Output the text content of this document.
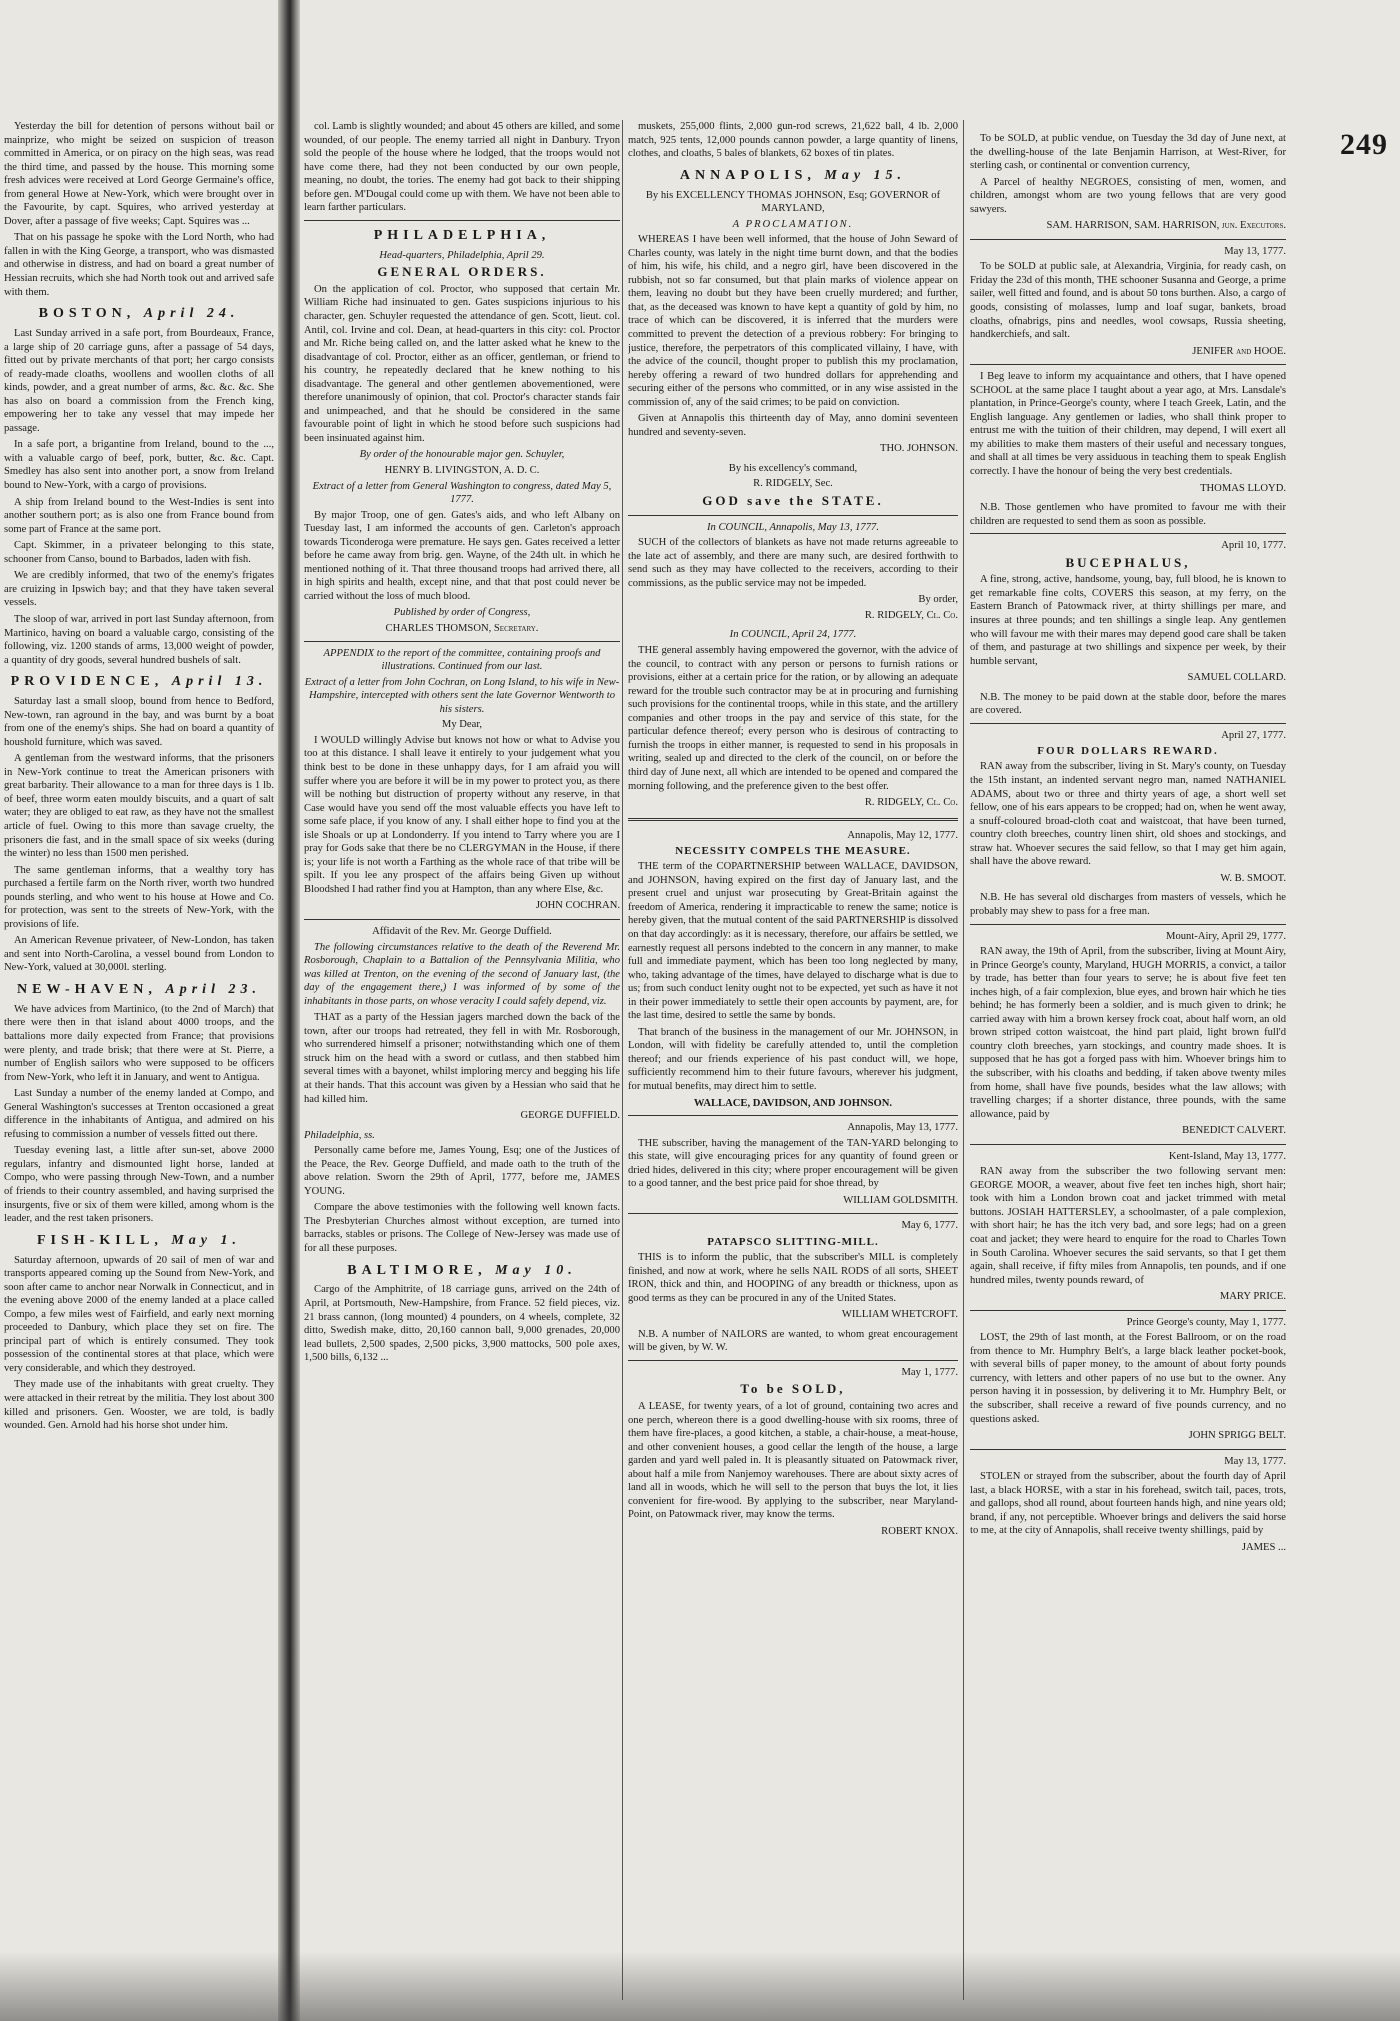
249

Yesterday the bill for detention of persons without bail or mainprize, who might be seized on suspicion of treason committed in America, or on piracy on the high seas, was read the third time, and passed by the house. This morning some fresh advices were received at Lord George Germaine's office, from general Howe at New-York, which were brought over in the Favourite, by capt. Squires, who arrived yesterday at Dover, after a passage of five weeks; Capt. Squires was ...

That on his passage he spoke with the Lord North, who had fallen in with the King George, a transport, who was dismasted and otherwise in distress, and had on board a great number of Hessian recruits, which she had North took out and arrived safe with them.

BOSTON, April 24.

Last Sunday arrived in a safe port, from Bourdeaux, France, a large ship of 20 carriage guns, after a passage of 54 days, fitted out by private merchants of that port; her cargo consists of ready-made cloaths, woollens and woollen cloths of all kinds, powder, and a great number of arms, &c. &c. &c. She has also on board a commission from the French king, empowering her to take any vessel that may impede her passage.

In a safe port, a brigantine from Ireland, bound to the ..., with a valuable cargo of beef, pork, butter, &c. &c. Capt. Smedley has also sent into another port, a snow from Ireland bound to New-York, with a cargo of provisions.

A ship from Ireland bound to the West-Indies is sent into another southern port; as is also one from France bound from some part of France at the same port.

Capt. Skimmer, in a privateer belonging to this state, schooner from Canso, bound to Barbados, laden with fish.

We are credibly informed, that two of the enemy's frigates are cruizing in Ipswich bay; and that they have taken several vessels.

The sloop of war, arrived in port last Sunday afternoon, from Martinico, having on board a valuable cargo, consisting of the following, viz. 1200 stands of arms, 13,000 weight of powder, a quantity of dry goods, several hundred bushels of salt.

PROVIDENCE, April 13.

Saturday last a small sloop, bound from hence to Bedford, New-town, ran aground in the bay, and was burnt by a boat from one of the enemy's ships. She had on board a quantity of houshold furniture, which was saved.

A gentleman from the westward informs, that the prisoners in New-York continue to treat the American prisoners with great barbarity. Their allowance to a man for three days is 1 lb. of beef, three worm eaten mouldy biscuits, and a quart of salt water; they are obliged to eat raw, as they have not the smallest article of fuel. Owing to this more than savage cruelty, the prisoners die fast, and in the small space of six weeks (during the winter) no less than 1500 men perished.

The same gentleman informs, that a wealthy tory has purchased a fertile farm on the North river, worth two hundred pounds sterling, and who went to his house at Howe and Co. for protection, was sent to the streets of New-York, with the provisions of life.

An American Revenue privateer, of New-London, has taken and sent into North-Carolina, a vessel bound from London to New-York, valued at 30,000l. sterling.

NEW-HAVEN, April 23.

We have advices from Martinico, (to the 2nd of March) that there were then in that island about 4000 troops, and the battalions more daily expected from France; that provisions were plenty, and trade brisk; that there were at St. Pierre, a number of English sailors who were supposed to be officers from New-York, who left it in January, and went to Antigua.

Last Sunday a number of the enemy landed at Compo, and General Washington's successes at Trenton occasioned a great difference in the inhabitants of Antigua, and admired on his refusing to commission a number of vessels fitted out there.

Tuesday evening last, a little after sun-set, above 2000 regulars, infantry and dismounted light horse, landed at Compo, who were passing through New-Town, and a number of friends to their country assembled, and having surprised the insurgents, five or six of them were killed, among whom is the leader, and the rest taken prisoners.

FISH-KILL, May 1.

Saturday afternoon, upwards of 20 sail of men of war and transports appeared coming up the Sound from New-York, and soon after came to anchor near Norwalk in Connecticut, and in the evening above 2000 of the enemy landed at a place called Compo, a few miles west of Fairfield, and early next morning proceeded to Danbury, which place they set on fire. The principal part of which is entirely consumed. They took possession of the continental stores at that place, which were very considerable, and which they destroyed.

They made use of the inhabitants with great cruelty. They were attacked in their retreat by the militia. They lost about 300 killed and prisoners. Gen. Wooster, we are told, is badly wounded. Gen. Arnold had his horse shot under him.

col. Lamb is slightly wounded; and about 45 others are killed, and some wounded, of our people. The enemy tarried all night in Danbury. Tryon sold the people of the house where he lodged, that the troops would not have come there, had they not been conducted by our own people, meaning, no doubt, the tories. The enemy had got back to their shipping before gen. M'Dougal could come up with them. We have not been able to learn farther particulars.

PHILADELPHIA,
Head-quarters, Philadelphia, April 29.
GENERAL ORDERS.

On the application of col. Proctor, who supposed that certain Mr. William Riche had insinuated to gen. Gates suspicions injurious to his character, gen. Schuyler requested the attendance of gen. Scott, lieut. col. Antil, col. Irvine and col. Dean, at head-quarters in this city: col. Proctor and Mr. Riche being called on, and the latter asked what he knew to the disadvantage of col. Proctor, either as an officer, gentleman, or friend to his country, he repeatedly declared that he knew nothing to his disadvantage. The general and other gentlemen abovementioned, were therefore unanimously of opinion, that col. Proctor's character stands fair and unimpeached, and that he should be considered in the same favourable point of light in which he stood before such suspicions had been insinuated against him.

By order of the honourable major gen. Schuyler,
HENRY B. LIVINGSTON, A. D. C.
Extract of a letter from General Washington to congress, dated May 5, 1777.

By major Troop, one of gen. Gates's aids, and who left Albany on Tuesday last, I am informed the accounts of gen. Carleton's approach towards Ticonderoga were premature. He says gen. Gates received a letter before he came away from brig. gen. Wayne, of the 24th ult. in which he mentioned nothing of it. That three thousand troops had arrived there, all in high spirits and health, except nine, and that that post could never be carried without the loss of much blood.

Published by order of Congress,
CHARLES THOMSON, Secretary.
APPENDIX to the report of the committee, containing proofs and illustrations. Continued from our last.
Extract of a letter from John Cochran, on Long Island, to his wife in New-Hampshire, intercepted with others sent the late Governor Wentworth to his sisters.
My Dear,

I WOULD willingly Advise but knows not how or what to Advise you too at this distance. I shall leave it entirely to your judgement what you think best to be done in these unhappy days, for I am afraid you will suffer where you are before it will be in my power to protect you, as there will be nothing but distruction of property without any reserve, in that Case would have you send off the most valuable effects you have left to some safe place, if you know of any. I shall either hope to find you at the isle Shoals or up at Londonderry. If you intend to Tarry where you are I pray for Gods sake that there be no CLERGYMAN in the House, if there is; your life is not worth a Farthing as the whole race of that tribe will be spilt. If you lee any prospect of the affairs being Given up without Bloodshed I had rather find you at Hampton, than any where Else, &c.

JOHN COCHRAN.
Affidavit of the Rev. Mr. George Duffield.

The following circumstances relative to the death of the Reverend Mr. Rosborough, Chaplain to a Battalion of the Pennsylvania Militia, who was killed at Trenton, on the evening of the second of January last, (the day of the engagement there,) I was informed of by some of the inhabitants in those parts, on whose veracity I could safely depend, viz.

THAT as a party of the Hessian jagers marched down the back of the town, after our troops had retreated, they fell in with Mr. Rosborough, who surrendered himself a prisoner; notwithstanding which one of them struck him on the head with a sword or cutlass, and then stabbed him several times with a bayonet, whilst imploring mercy and begging his life at their hands. That this account was given by a Hessian who said that he had killed him.

GEORGE DUFFIELD.
Philadelphia, ss.

Personally came before me, James Young, Esq; one of the Justices of the Peace, the Rev. George Duffield, and made oath to the truth of the above relation. Sworn the 29th of April, 1777, before me, JAMES YOUNG.

Compare the above testimonies with the following well known facts. The Presbyterian Churches almost without exception, are turned into barracks, stables or prisons. The College of New-Jersey was made use of for all these purposes.

BALTIMORE, May 10.

Cargo of the Amphitrite, of 18 carriage guns, arrived on the 24th of April, at Portsmouth, New-Hampshire, from France. 52 field pieces, viz. 21 brass cannon, (long mounted) 4 pounders, on 4 wheels, complete, 32 ditto, Swedish make, ditto, 20,160 cannon ball, 9,000 grenades, 20,000 lead bullets, 2,500 spades, 2,500 picks, 3,900 mattocks, 500 pole axes, 1,500 bills, 6,132 ...

muskets, 255,000 flints, 2,000 gun-rod screws, 21,622 ball, 4 lb. 2,000 match, 925 tents, 12,000 pounds cannon powder, a large quantity of linens, clothes, and cloaths, 5 bales of blankets, 62 boxes of tin plates.

ANNAPOLIS, May 15.
By his EXCELLENCY THOMAS JOHNSON, Esq; GOVERNOR of MARYLAND,
A PROCLAMATION.

WHEREAS I have been well informed, that the house of John Seward of Charles county, was lately in the night time burnt down, and that the bodies of him, his wife, his child, and a negro girl, have been discovered in the rubbish, not so far consumed, but that plain marks of violence appear on them, leaving no doubt but they have been cruelly murdered; and further, that, as the deceased was known to have kept a quantity of gold by him, no trace of which can be discovered, it is inferred that the murders were committed to prevent the detection of a previous robbery: For bringing to justice, therefore, the perpetrators of this complicated villainy, I have, with the advice of the council, thought proper to publish this my proclamation, hereby offering a reward of two hundred dollars for apprehending and securing either of the persons who committed, or in any wise assisted in the commission of, any of the said crimes; to be paid on conviction.

Given at Annapolis this thirteenth day of May, anno domini seventeen hundred and seventy-seven.

THO. JOHNSON.
By his excellency's command,
R. RIDGELY, Sec.
GOD save the STATE.
In COUNCIL, Annapolis, May 13, 1777.

SUCH of the collectors of blankets as have not made returns agreeable to the late act of assembly, and there are many such, are desired forthwith to send such as they may have collected to the receivers, according to their commissions, as the public service may not be impeded.

By order,
R. RIDGELY, Cl. Co.
In COUNCIL, April 24, 1777.

THE general assembly having empowered the governor, with the advice of the council, to contract with any person or persons to furnish rations or provisions, either at a certain price for the ration, or by allowing an adequate reward for the trouble such contractor may be at in procuring and furnishing such provisions for the continental troops, while in this state, and the artillery companies and other troops in the pay and service of this state, for the particular defence thereof; every person who is desirous of contracting to furnish the troops in either manner, is requested to send in his proposals in writing, sealed up and directed to the clerk of the council, on or before the third day of June next, all which are intended to be opened and compared the morning following, and the preference given to the best offer.

R. RIDGELY, Cl. Co.
Annapolis, May 12, 1777.
NECESSITY COMPELS THE MEASURE.

THE term of the COPARTNERSHIP between WALLACE, DAVIDSON, and JOHNSON, having expired on the first day of January last, and the present cruel and unjust war prosecuting by Great-Britain against the freedom of America, rendering it impracticable to renew the same; notice is hereby given, that the mutual content of the said PARTNERSHIP is dissolved on that day accordingly: as it is necessary, therefore, our affairs be settled, we earnestly request all persons indebted to the concern in any manner, to make full and immediate payment, which has been too long neglected by many, who, taking advantage of the times, have delayed to discharge what is due to us; from such conduct lenity ought not to be expected, yet such as have it not in their power immediately to settle their open accounts by payment, are, for the last time, desired to settle the same by bonds.

That branch of the business in the management of our Mr. JOHNSON, in London, will with fidelity be carefully attended to, until the completion thereof; and our friends experience of his past conduct will, we hope, sufficiently recommend him to their future favours, wherever his judgment, for mutual benefits, may direct him to settle.

WALLACE, DAVIDSON, AND JOHNSON.
Annapolis, May 13, 1777.

THE subscriber, having the management of the TAN-YARD belonging to this state, will give encouraging prices for any quantity of found green or dried hides, delivered in this city; where proper encouragement will be given to a good tanner, and the best price paid for shoe thread, by

WILLIAM GOLDSMITH.
May 6, 1777.
PATAPSCO SLITTING-MILL.

THIS is to inform the public, that the subscriber's MILL is completely finished, and now at work, where he sells NAIL RODS of all sorts, SHEET IRON, thick and thin, and HOOPING of any breadth or thickness, upon as good terms as they can be procured in any of the United States.

WILLIAM WHETCROFT.

N.B. A number of NAILORS are wanted, to whom great encouragement will be given, by W. W.

May 1, 1777.
To be SOLD,

A LEASE, for twenty years, of a lot of ground, containing two acres and one perch, whereon there is a good dwelling-house with six rooms, three of them have fire-places, a good kitchen, a stable, a chair-house, a meat-house, and other convenient houses, a good cellar the length of the house, a large garden and yard well paled in. It is pleasantly situated on Patowmack river, about half a mile from Nanjemoy warehouses. There are about sixty acres of land all in woods, which he will sell to the person that buys the lot, it lies convenient for fire-wood. By applying to the subscriber, near Maryland-Point, on Patowmack river, may know the terms.

ROBERT KNOX.

To be SOLD, at public vendue, on Tuesday the 3d day of June next, at the dwelling-house of the late Benjamin Harrison, at West-River, for sterling cash, or continental or convention currency,

A Parcel of healthy NEGROES, consisting of men, women, and children, amongst whom are two young fellows that are very good sawyers.

SAM. HARRISON, SAM. HARRISON, jun. Executors.
May 13, 1777.

To be SOLD at public sale, at Alexandria, Virginia, for ready cash, on Friday the 23d of this month, THE schooner Susanna and George, a prime sailer, well fitted and found, and is about 50 tons burthen. Also, a cargo of goods, consisting of molasses, lump and loaf sugar, bankets, broad cloaths, ofnabrigs, pins and needles, wool cowsaps, Russia sheeting, handkerchiefs, and salt.

JENIFER and HOOE.

I Beg leave to inform my acquaintance and others, that I have opened SCHOOL at the same place I taught about a year ago, at Mrs. Lansdale's plantation, in Prince-George's county, where I teach Greek, Latin, and the English language. Any gentlemen or ladies, who shall think proper to entrust me with the tuition of their children, may depend, I will exert all my abilities to make them masters of their useful and necessary tongues, and shall at all times be very assiduous in teaching them to speak English correctly. I have the honour of being the very best credentials.

THOMAS LLOYD.

N.B. Those gentlemen who have promited to favour me with their children are requested to send them as soon as possible.

April 10, 1777.
BUCEPHALUS,

A fine, strong, active, handsome, young, bay, full blood, he is known to get remarkable fine colts, COVERS this season, at my ferry, on the Eastern Branch of Patowmack river, at thirty shillings per mare, and insures at three pounds; and ten shillings a single leap. Any gentlemen who will favour me with their mares may depend good care shall be taken of them, and pasturage at two shillings and sixpence per week, by their humble servant,

SAMUEL COLLARD.

N.B. The money to be paid down at the stable door, before the mares are covered.

April 27, 1777.
FOUR DOLLARS REWARD.

RAN away from the subscriber, living in St. Mary's county, on Tuesday the 15th instant, an indented servant negro man, named NATHANIEL ADAMS, about two or three and thirty years of age, a short well set fellow, one of his ears appears to be cropped; had on, when he went away, a snuff-coloured broad-cloth coat and waistcoat, that have been turned, country cloth breeches, country linen shirt, old shoes and stockings, and straw hat. Whoever secures the said fellow, so that I may get him again, shall have the above reward.

W. B. SMOOT.

N.B. He has several old discharges from masters of vessels, which he probably may shew to pass for a free man.

Mount-Airy, April 29, 1777.

RAN away, the 19th of April, from the subscriber, living at Mount Airy, in Prince George's county, Maryland, HUGH MORRIS, a convict, a tailor by trade, has better than four years to serve; he is about five feet ten inches high, of a fair complexion, blue eyes, and brown hair which he ties behind; he has formerly been a soldier, and is much given to drink; he carried away with him a brown kersey frock coat, about half worn, an old brown striped cotton waistcoat, the hind part plaid, light brown full'd country cloth breeches, yarn stockings, and country made shoes. It is supposed that he has got a forged pass with him. Whoever brings him to the subscriber, with his cloaths and bedding, if taken above twenty miles from home, shall have five pounds, besides what the law allows; with travelling charges; if a shorter distance, three pounds, with the same allowance, paid by

BENEDICT CALVERT.
Kent-Island, May 13, 1777.

RAN away from the subscriber the two following servant men: GEORGE MOOR, a weaver, about five feet ten inches high, short hair; took with him a London brown coat and jacket trimmed with metal buttons. JOSIAH HATTERSLEY, a schoolmaster, of a pale complexion, with short hair; he has the itch very bad, and sore legs; had on a green coat and jacket; they were heard to enquire for the road to Charles Town in South Carolina. Whoever secures the said servants, so that I get them again, shall receive, if fifty miles from Annapolis, ten pounds, and if one hundred miles, twenty pounds reward, of

MARY PRICE.
Prince George's county, May 1, 1777.

LOST, the 29th of last month, at the Forest Ballroom, or on the road from thence to Mr. Humphry Belt's, a large black leather pocket-book, with several bills of paper money, to the amount of about forty pounds currency, with letters and other papers of no use but to the owner. Any person having it in possession, by delivering it to Mr. Humphry Belt, or the subscriber, shall receive a reward of five pounds currency, and no questions asked.

JOHN SPRIGG BELT.
May 13, 1777.

STOLEN or strayed from the subscriber, about the fourth day of April last, a black HORSE, with a star in his forehead, switch tail, paces, trots, and gallops, shod all round, about fourteen hands high, and nine years old; brand, if any, not perceptible. Whoever brings and delivers the said horse to me, at the city of Annapolis, shall receive twenty shillings, paid by

JAMES ...
